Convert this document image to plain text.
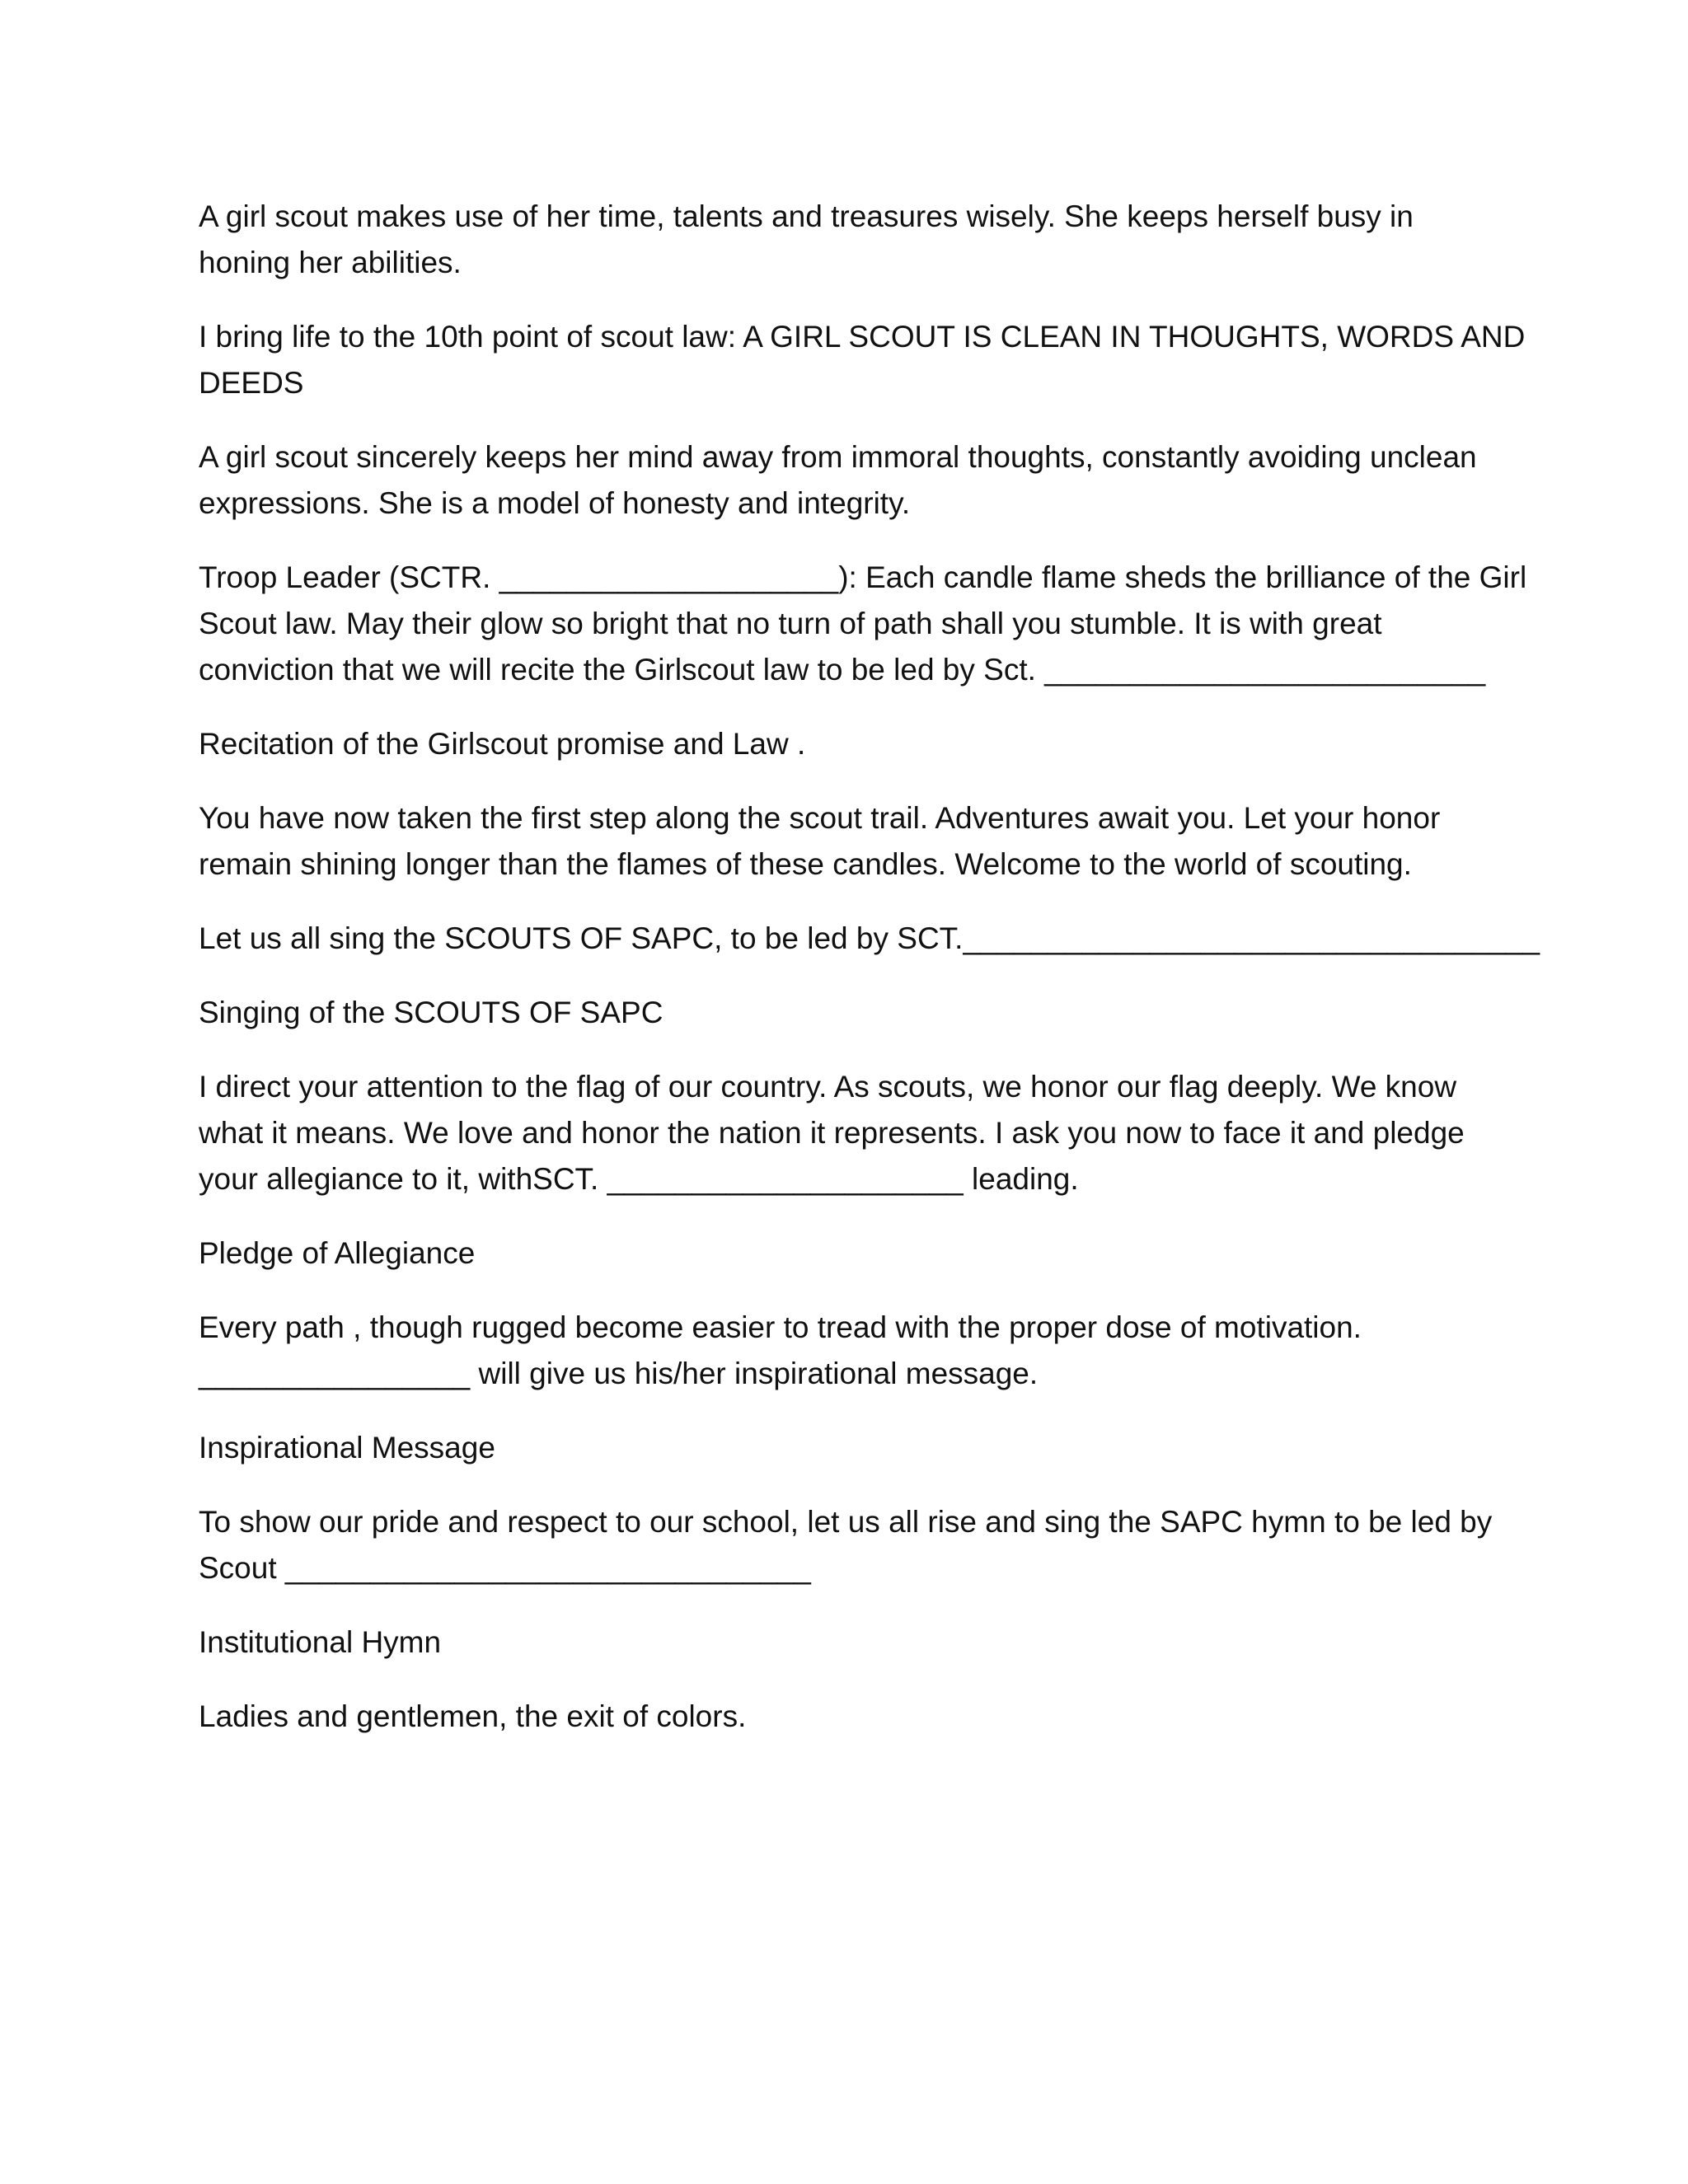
A girl scout makes use of her time, talents and treasures wisely. She keeps herself busy in
honing her abilities.

I bring life to the 10th point of scout law: A GIRL SCOUT IS CLEAN IN THOUGHTS, WORDS AND
DEEDS

A girl scout sincerely keeps her mind away from immoral thoughts, constantly avoiding unclean
expressions. She is a model of honesty and integrity.

Troop Leader (SCTR. ____________________): Each candle flame sheds the brilliance of the Girl
Scout law. May their glow so bright that no turn of path shall you stumble. It is with great
conviction that we will recite the Girlscout law to be led by Sct. __________________________

Recitation of the Girlscout promise and Law .

You have now taken the first step along the scout trail. Adventures await you. Let your honor
remain shining longer than the flames of these candles. Welcome to the world of scouting.

Let us all sing the SCOUTS OF SAPC, to be led by SCT.__________________________________

Singing of the SCOUTS OF SAPC

I direct your attention to the flag of our country. As scouts, we honor our flag deeply. We know
what it means. We love and honor the nation it represents. I ask you now to face it and pledge
your allegiance to it, withSCT. _____________________ leading.

Pledge of Allegiance

Every path , though rugged become easier to tread with the proper dose of motivation.
________________ will give us his/her inspirational message.

Inspirational Message

To show our pride and respect to our school, let us all rise and sing the SAPC hymn to be led by
Scout _______________________________

Institutional Hymn

Ladies and gentlemen, the exit of colors.
